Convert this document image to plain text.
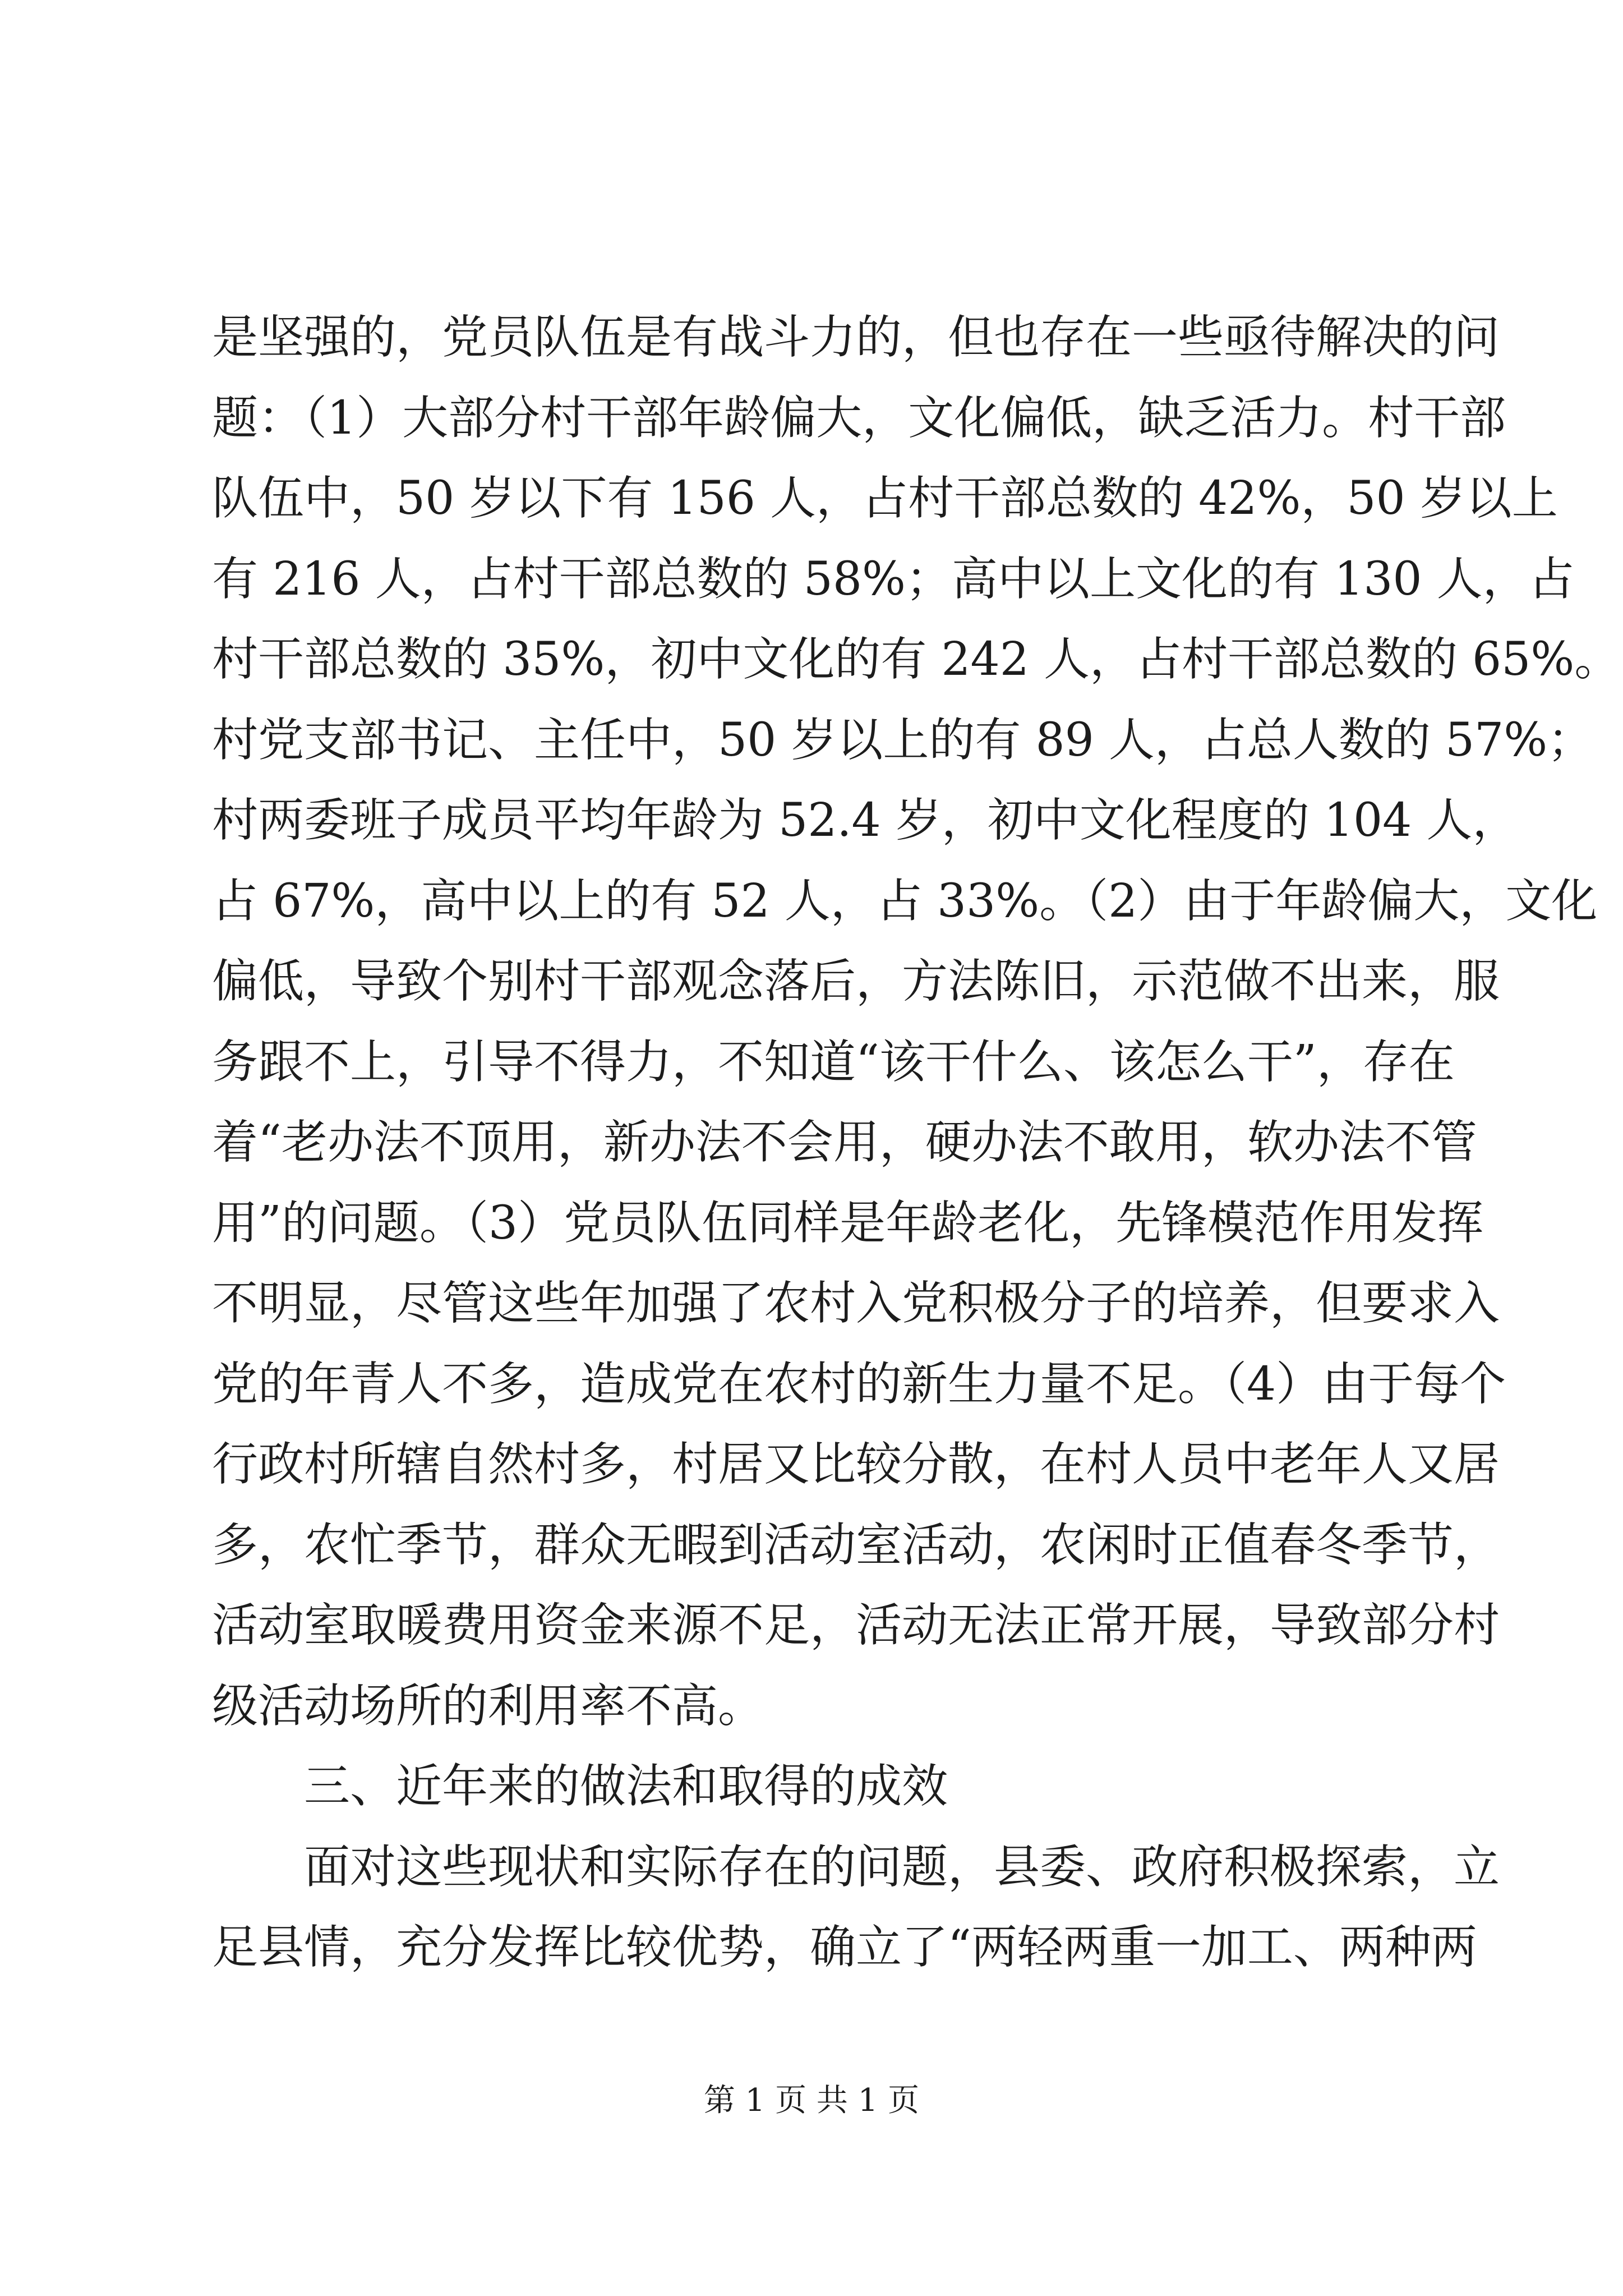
是坚强的，党员队伍是有战斗力的，但也存在一些亟待解决的问
题：（1）大部分村干部年龄偏大，文化偏低，缺乏活力。村干部
队伍中，50 岁以下有 156 人，占村干部总数的 42%，50 岁以上
有 216 人，占村干部总数的 58%；高中以上文化的有 130 人，占
村干部总数的 35%，初中文化的有 242 人，占村干部总数的 65%。
村党支部书记、主任中，50 岁以上的有 89 人，占总人数的 57%；
村两委班子成员平均年龄为 52.4 岁，初中文化程度的 104 人，
占 67%，高中以上的有 52 人，占 33%。（2）由于年龄偏大，文化
偏低，导致个别村干部观念落后，方法陈旧，示范做不出来，服
务跟不上，引导不得力，不知道“该干什么、该怎么干”，存在
着“老办法不顶用，新办法不会用，硬办法不敢用，软办法不管
用”的问题。（3）党员队伍同样是年龄老化，先锋模范作用发挥
不明显，尽管这些年加强了农村入党积极分子的培养，但要求入
党的年青人不多，造成党在农村的新生力量不足。（4）由于每个
行政村所辖自然村多，村居又比较分散，在村人员中老年人又居
多，农忙季节，群众无暇到活动室活动，农闲时正值春冬季节，
活动室取暖费用资金来源不足，活动无法正常开展，导致部分村
级活动场所的利用率不高。
三、近年来的做法和取得的成效
面对这些现状和实际存在的问题，县委、政府积极探索，立
足县情，充分发挥比较优势，确立了“两轻两重一加工、两种两
第 1 页 共 1 页
